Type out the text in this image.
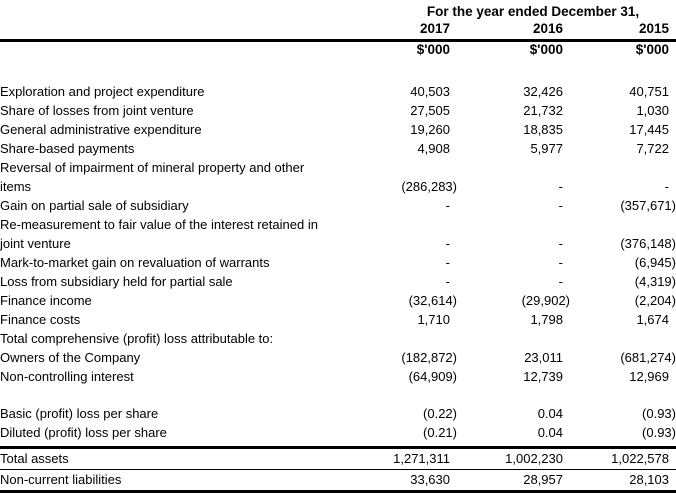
	For the year ended December 31,		
	2017	2016	2015
	$'000	$'000	$'000

Exploration and project expenditure	40,503	32,426	40,751
Share of losses from joint venture	27,505	21,732	1,030
General administrative expenditure	19,260	18,835	17,445
Share-based payments	4,908	5,977	7,722
Reversal of impairment of mineral property and other			
items	(286,283)	-	-
Gain on partial sale of subsidiary	-	-	(357,671)
Re-measurement to fair value of the interest retained in			
joint venture	-	-	(376,148)
Mark-to-market gain on revaluation of warrants	-	-	(6,945)
Loss from subsidiary held for partial sale	-	-	(4,319)
Finance income	(32,614)	(29,902)	(2,204)
Finance costs	1,710	1,798	1,674
Total comprehensive (profit) loss attributable to:			
Owners of the Company	(182,872)	23,011	(681,274)
Non-controlling interest	(64,909)	12,739	12,969

Basic (profit) loss per share	(0.22)	0.04	(0.93)
Diluted (profit) loss per share	(0.21)	0.04	(0.93)

Total assets	1,271,311	1,002,230	1,022,578
Non-current liabilities	33,630	28,957	28,103
